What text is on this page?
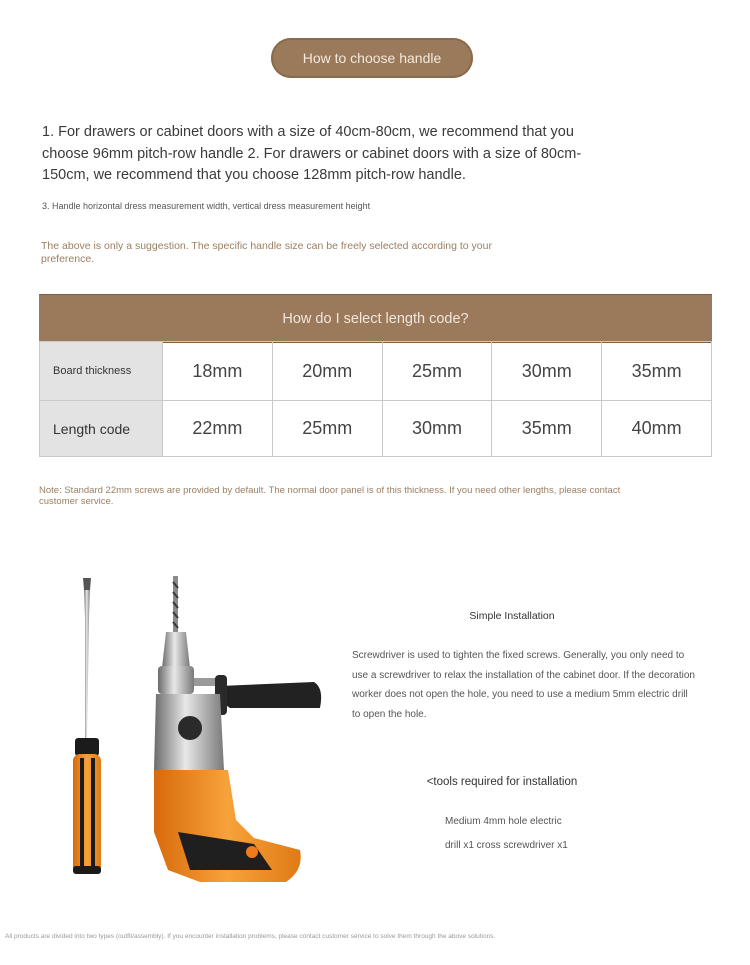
How to choose handle
1. For drawers or cabinet doors with a size of 40cm-80cm, we recommend that you choose 96mm pitch-row handle 2. For drawers or cabinet doors with a size of 80cm-150cm, we recommend that you choose 128mm pitch-row handle.
3. Handle horizontal dress measurement width, vertical dress measurement height
The above is only a suggestion. The specific handle size can be freely selected according to your preference.
How do I select length code?
Board thickness	18mm	20mm	25mm	30mm	35mm
Length code	22mm	25mm	30mm	35mm	40mm
Note: Standard 22mm screws are provided by default. The normal door panel is of this thickness. If you need other lengths, please contact customer service.
Simple Installation
Screwdriver is used to tighten the fixed screws. Generally, you only need to use a screwdriver to relax the installation of the cabinet door. If the decoration worker does not open the hole, you need to use a medium 5mm electric drill to open the hole.
<tools required for installation
Medium 4mm hole electric
drill x1 cross screwdriver x1
All products are divided into two types (outfit/assembly). If you encounter installation problems, please contact customer service to solve them through the above solutions.
